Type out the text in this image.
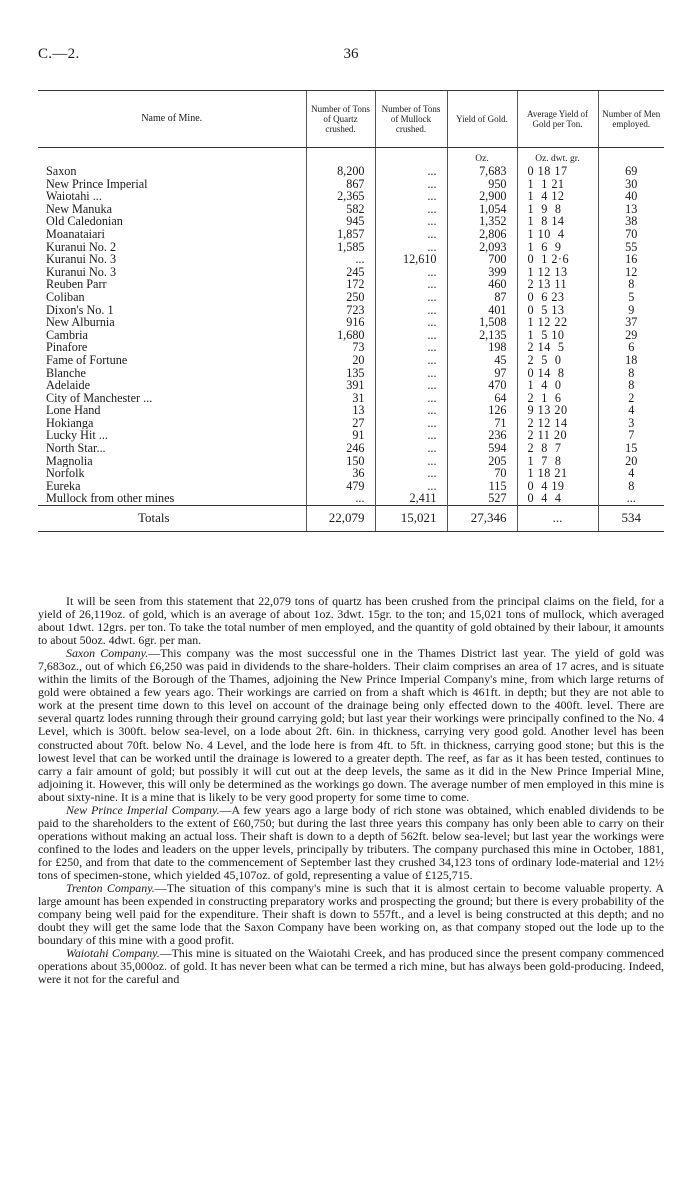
C.—2.	36
Name of Mine.	Number of Tons of Quartz crushed.	Number of Tons of Mullock crushed.	Yield of Gold.	Average Yield of Gold per Ton.	Number of Men employed.
			Oz.	Oz. dwt. gr.	
Saxon	8,200	...	7,683	0 18 17	69
New Prince Imperial	867	...	950	1  1 21	30
Waiotahi ...	2,365	...	2,900	1  4 12	40
New Manuka	582	...	1,054	1  9  8	13
Old Caledonian	945	...	1,352	1  8 14	38
Moanataiari	1,857	...	2,806	1 10  4	70
Kuranui No. 2	1,585	...	2,093	1  6  9	55
Kuranui No. 3	...	12,610	700	0  1 2·6	16
Kuranui No. 3	245	...	399	1 12 13	12
Reuben Parr	172	...	460	2 13 11	8
Coliban	250	...	87	0  6 23	5
Dixon's No. 1	723	...	401	0  5 13	9
New Alburnia	916	...	1,508	1 12 22	37
Cambria	1,680	...	2,135	1  5 10	29
Pinafore	73	...	198	2 14  5	6
Fame of Fortune	20	...	45	2  5  0	18
Blanche	135	...	97	0 14  8	8
Adelaide	391	...	470	1  4  0	8
City of Manchester ...	31	...	64	2  1  6	2
Lone Hand	13	...	126	9 13 20	4
Hokianga	27	...	71	2 12 14	3
Lucky Hit ...	91	...	236	2 11 20	7
North Star...	246	...	594	2  8  7	15
Magnolia	150	...	205	1  7  8	20
Norfolk	36	...	70	1 18 21	4
Eureka	479	...	115	0  4 19	8
Mullock from other mines	...	2,411	527	0  4  4	...
Totals	22,079	15,021	27,346	...	534

It will be seen from this statement that 22,079 tons of quartz has been crushed from the principal claims on the field, for a yield of 26,119oz. of gold, which is an average of about 1oz. 3dwt. 15gr. to the ton; and 15,021 tons of mullock, which averaged about 1dwt. 12grs. per ton. To take the total number of men employed, and the quantity of gold obtained by their labour, it amounts to about 50oz. 4dwt. 6gr. per man.

Saxon Company.—This company was the most successful one in the Thames District last year. The yield of gold was 7,683oz., out of which £6,250 was paid in dividends to the share-holders. Their claim comprises an area of 17 acres, and is situate within the limits of the Borough of the Thames, adjoining the New Prince Imperial Company's mine, from which large returns of gold were obtained a few years ago. Their workings are carried on from a shaft which is 461ft. in depth; but they are not able to work at the present time down to this level on account of the drainage being only effected down to the 400ft. level. There are several quartz lodes running through their ground carrying gold; but last year their workings were principally confined to the No. 4 Level, which is 300ft. below sea-level, on a lode about 2ft. 6in. in thickness, carrying very good gold. Another level has been constructed about 70ft. below No. 4 Level, and the lode here is from 4ft. to 5ft. in thickness, carrying good stone; but this is the lowest level that can be worked until the drainage is lowered to a greater depth. The reef, as far as it has been tested, continues to carry a fair amount of gold; but possibly it will cut out at the deep levels, the same as it did in the New Prince Imperial Mine, adjoining it. However, this will only be determined as the workings go down. The average number of men employed in this mine is about sixty-nine. It is a mine that is likely to be very good property for some time to come.

New Prince Imperial Company.—A few years ago a large body of rich stone was obtained, which enabled dividends to be paid to the shareholders to the extent of £60,750; but during the last three years this company has only been able to carry on their operations without making an actual loss. Their shaft is down to a depth of 562ft. below sea-level; but last year the workings were confined to the lodes and leaders on the upper levels, principally by tributers. The company purchased this mine in October, 1881, for £250, and from that date to the commencement of September last they crushed 34,123 tons of ordinary lode-material and 12½ tons of specimen-stone, which yielded 45,107oz. of gold, representing a value of £125,715.

Trenton Company.—The situation of this company's mine is such that it is almost certain to become valuable property. A large amount has been expended in constructing preparatory works and prospecting the ground; but there is every probability of the company being well paid for the expenditure. Their shaft is down to 557ft., and a level is being constructed at this depth; and no doubt they will get the same lode that the Saxon Company have been working on, as that company stoped out the lode up to the boundary of this mine with a good profit.

Waiotahi Company.—This mine is situated on the Waiotahi Creek, and has produced since the present company commenced operations about 35,000oz. of gold. It has never been what can be termed a rich mine, but has always been gold-producing. Indeed, were it not for the careful and
